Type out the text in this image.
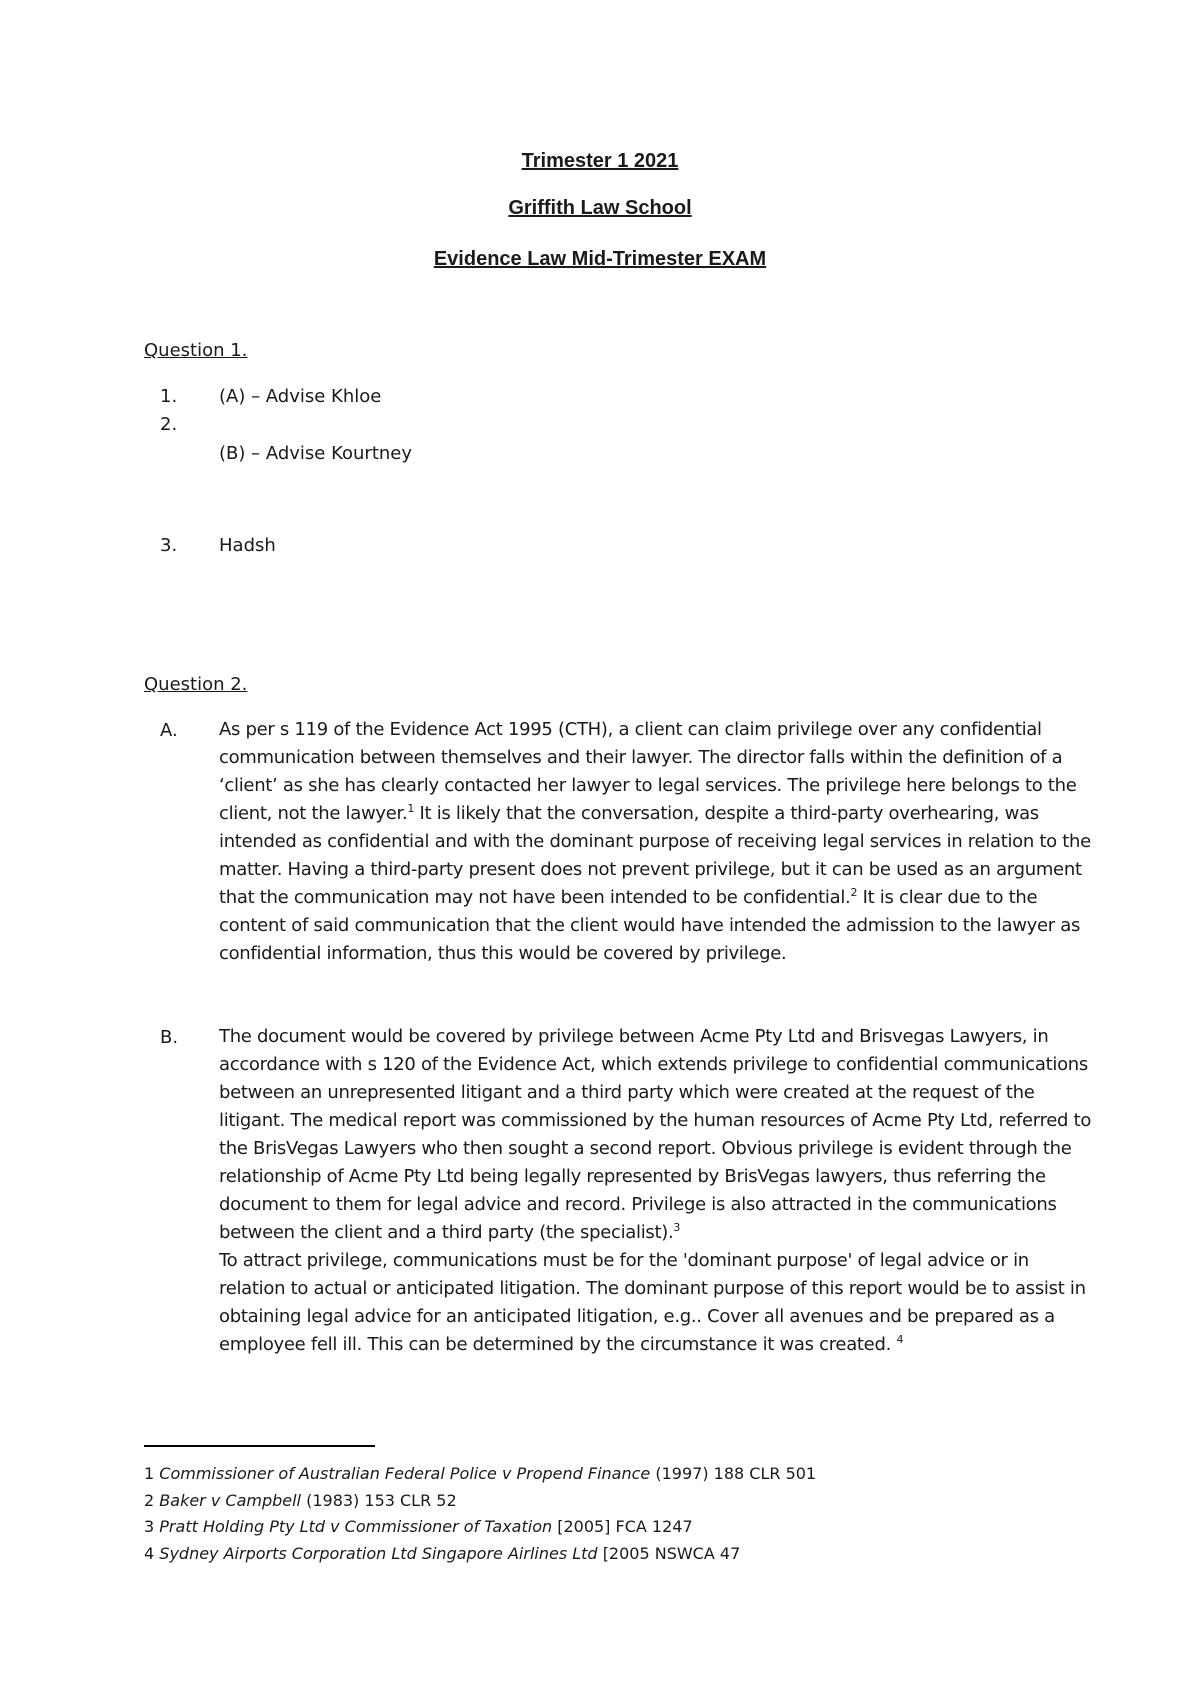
Trimester 1 2021
Griffith Law School
Evidence Law Mid-Trimester EXAM
Question 1.
1. (A) – Advise Khloe
2.
(B) – Advise Kourtney
3. Hadsh
Question 2.
A. As per s 119 of the Evidence Act 1995 (CTH), a client can claim privilege over any confidential communication between themselves and their lawyer. The director falls within the definition of a ‘client’ as she has clearly contacted her lawyer to legal services. The privilege here belongs to the client, not the lawyer.$^1$ It is likely that the conversation, despite a third-party overhearing, was intended as confidential and with the dominant purpose of receiving legal services in relation to the matter. Having a third-party present does not prevent privilege, but it can be used as an argument that the communication may not have been intended to be confidential.$^2$ It is clear due to the content of said communication that the client would have intended the admission to the lawyer as confidential information, thus this would be covered by privilege.

B. The document would be covered by privilege between Acme Pty Ltd and Brisvegas Lawyers, in accordance with s 120 of the Evidence Act, which extends privilege to confidential communications between an unrepresented litigant and a third party which were created at the request of the litigant. The medical report was commissioned by the human resources of Acme Pty Ltd, referred to the BrisVegas Lawyers who then sought a second report. Obvious privilege is evident through the relationship of Acme Pty Ltd being legally represented by BrisVegas lawyers, thus referring the document to them for legal advice and record. Privilege is also attracted in the communications between the client and a third party (the specialist).$^3$

To attract privilege, communications must be for the 'dominant purpose' of legal advice or in relation to actual or anticipated litigation. The dominant purpose of this report would be to assist in obtaining legal advice for an anticipated litigation, e.g.. Cover all avenues and be prepared as a employee fell ill. This can be determined by the circumstance it was created. $^4$

1 Commissioner of Australian Federal Police v Propend Finance (1997) 188 CLR 501
2 Baker v Campbell (1983) 153 CLR 52
3 Pratt Holding Pty Ltd v Commissioner of Taxation [2005] FCA 1247
4 Sydney Airports Corporation Ltd Singapore Airlines Ltd [2005 NSWCA 47
